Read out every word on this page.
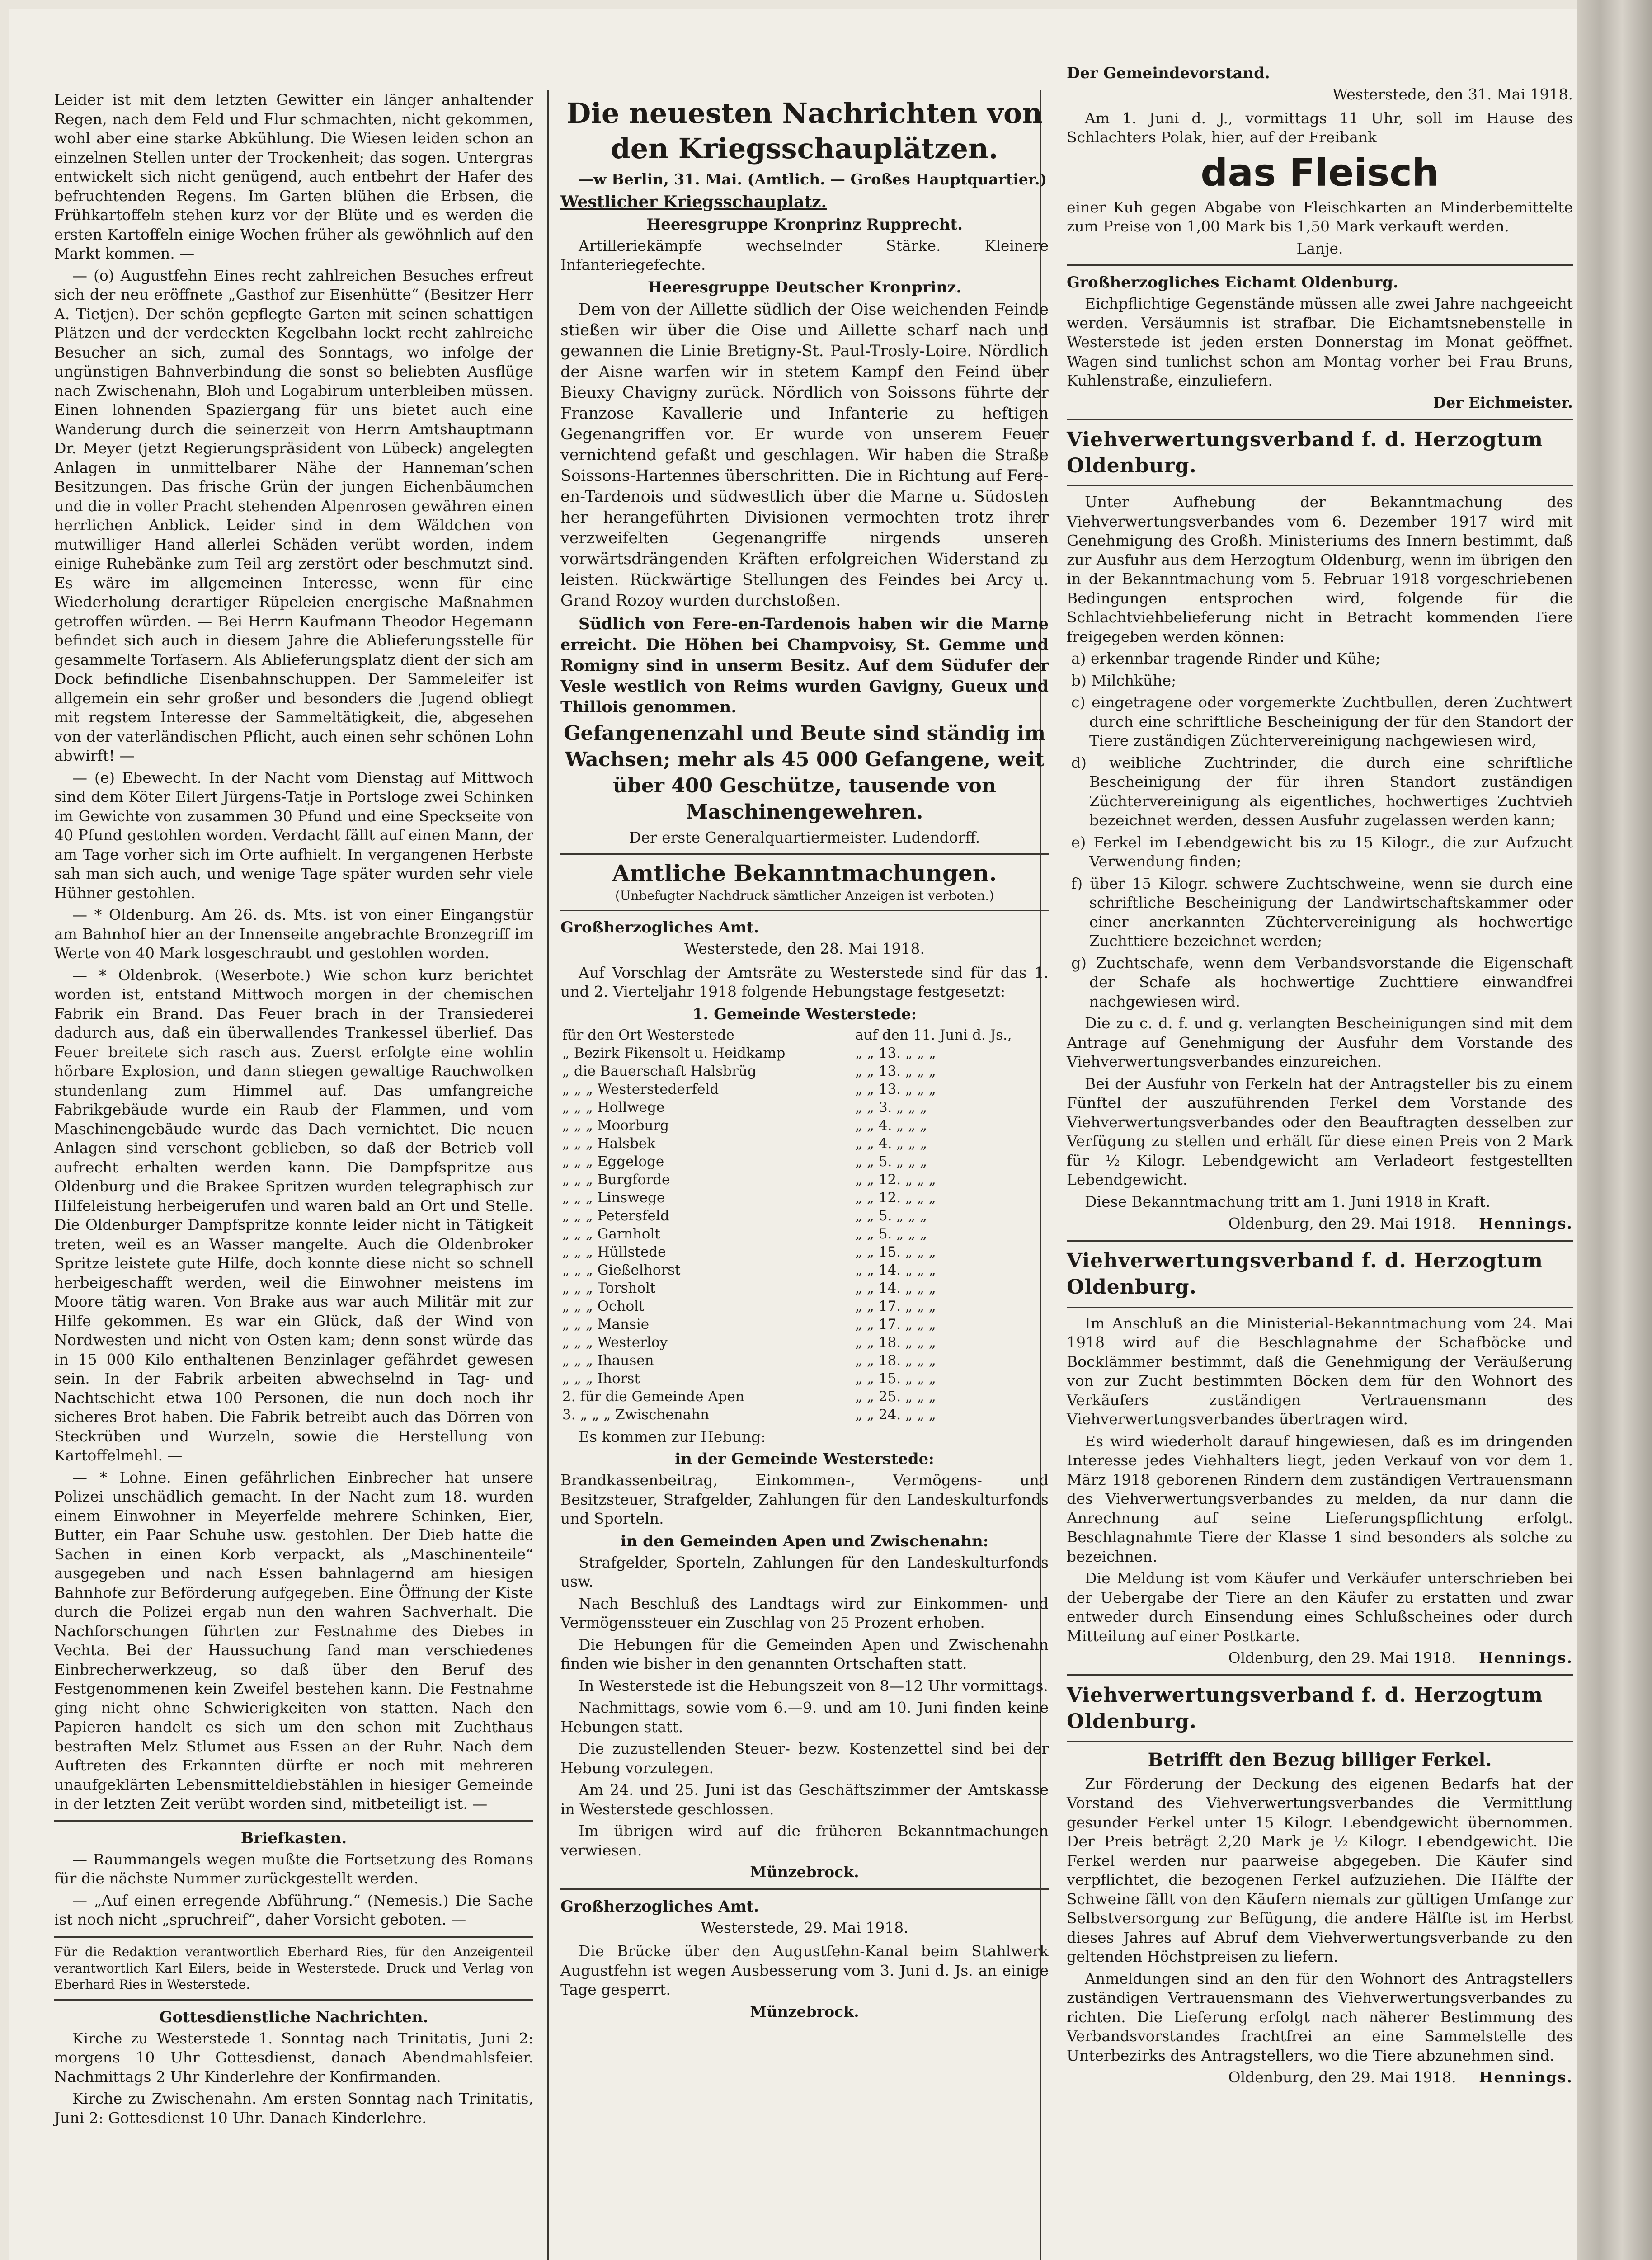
Leider ist mit dem letzten Gewitter ein länger anhaltender Regen, nach dem Feld und Flur schmachten, nicht gekommen, wohl aber eine starke Abkühlung. Die Wiesen leiden schon an einzelnen Stellen unter der Trockenheit; das sogen. Untergras entwickelt sich nicht genügend, auch entbehrt der Hafer des befruchtenden Regens. Im Garten blühen die Erbsen, die Frühkartoffeln stehen kurz vor der Blüte und es werden die ersten Kartoffeln einige Wochen früher als gewöhnlich auf den Markt kommen. —

— (o) Augustfehn Eines recht zahlreichen Besuches erfreut sich der neu eröffnete „Gasthof zur Eisenhütte“ (Besitzer Herr A. Tietjen). Der schön gepflegte Garten mit seinen schattigen Plätzen und der verdeckten Kegelbahn lockt recht zahlreiche Besucher an sich, zumal des Sonntags, wo infolge der ungünstigen Bahnverbindung die sonst so beliebten Ausflüge nach Zwischenahn, Bloh und Logabirum unterbleiben müssen. Einen lohnenden Spaziergang für uns bietet auch eine Wanderung durch die seinerzeit von Herrn Amtshauptmann Dr. Meyer (jetzt Regierungspräsident von Lübeck) angelegten Anlagen in unmittelbarer Nähe der Hanneman’schen Besitzungen. Das frische Grün der jungen Eichenbäumchen und die in voller Pracht stehenden Alpenrosen gewähren einen herrlichen Anblick. Leider sind in dem Wäldchen von mutwilliger Hand allerlei Schäden verübt worden, indem einige Ruhebänke zum Teil arg zerstört oder beschmutzt sind. Es wäre im allgemeinen Interesse, wenn für eine Wiederholung derartiger Rüpeleien energische Maßnahmen getroffen würden. — Bei Herrn Kaufmann Theodor Hegemann befindet sich auch in diesem Jahre die Ablieferungsstelle für gesammelte Torfasern. Als Ablieferungsplatz dient der sich am Dock befindliche Eisenbahnschuppen. Der Sammeleifer ist allgemein ein sehr großer und besonders die Jugend obliegt mit regstem Interesse der Sammeltätigkeit, die, abgesehen von der vaterländischen Pflicht, auch einen sehr schönen Lohn abwirft! —

— (e) Ebewecht. In der Nacht vom Dienstag auf Mittwoch sind dem Köter Eilert Jürgens-Tatje in Portsloge zwei Schinken im Gewichte von zusammen 30 Pfund und eine Speckseite von 40 Pfund gestohlen worden. Verdacht fällt auf einen Mann, der am Tage vorher sich im Orte aufhielt. In vergangenen Herbste sah man sich auch, und wenige Tage später wurden sehr viele Hühner gestohlen.

— * Oldenburg. Am 26. ds. Mts. ist von einer Eingangstür am Bahnhof hier an der Innenseite angebrachte Bronzegriff im Werte von 40 Mark losgeschraubt und gestohlen worden.

— * Oldenbrok. (Weserbote.) Wie schon kurz berichtet worden ist, entstand Mittwoch morgen in der chemischen Fabrik ein Brand. Das Feuer brach in der Transiederei dadurch aus, daß ein überwallendes Trankessel überlief. Das Feuer breitete sich rasch aus. Zuerst erfolgte eine wohlin hörbare Explosion, und dann stiegen gewaltige Rauchwolken stundenlang zum Himmel auf. Das umfangreiche Fabrikgebäude wurde ein Raub der Flammen, und vom Maschinengebäude wurde das Dach vernichtet. Die neuen Anlagen sind verschont geblieben, so daß der Betrieb voll aufrecht erhalten werden kann. Die Dampfspritze aus Oldenburg und die Brakee Spritzen wurden telegraphisch zur Hilfeleistung herbeigerufen und waren bald an Ort und Stelle. Die Oldenburger Dampfspritze konnte leider nicht in Tätigkeit treten, weil es an Wasser mangelte. Auch die Oldenbroker Spritze leistete gute Hilfe, doch konnte diese nicht so schnell herbeigeschafft werden, weil die Einwohner meistens im Moore tätig waren. Von Brake aus war auch Militär mit zur Hilfe gekommen. Es war ein Glück, daß der Wind von Nordwesten und nicht von Osten kam; denn sonst würde das in 15 000 Kilo enthaltenen Benzinlager gefährdet gewesen sein. In der Fabrik arbeiten abwechselnd in Tag- und Nachtschicht etwa 100 Personen, die nun doch noch ihr sicheres Brot haben. Die Fabrik betreibt auch das Dörren von Steckrüben und Wurzeln, sowie die Herstellung von Kartoffelmehl. —

— * Lohne. Einen gefährlichen Einbrecher hat unsere Polizei unschädlich gemacht. In der Nacht zum 18. wurden einem Einwohner in Meyerfelde mehrere Schinken, Eier, Butter, ein Paar Schuhe usw. gestohlen. Der Dieb hatte die Sachen in einen Korb verpackt, als „Maschinenteile“ ausgegeben und nach Essen bahnlagernd am hiesigen Bahnhofe zur Beförderung aufgegeben. Eine Öffnung der Kiste durch die Polizei ergab nun den wahren Sachverhalt. Die Nachforschungen führten zur Festnahme des Diebes in Vechta. Bei der Haussuchung fand man verschiedenes Einbrecherwerkzeug, so daß über den Beruf des Festgenommenen kein Zweifel bestehen kann. Die Festnahme ging nicht ohne Schwierigkeiten von statten. Nach den Papieren handelt es sich um den schon mit Zuchthaus bestraften Melz Stlumet aus Essen an der Ruhr. Nach dem Auftreten des Erkannten dürfte er noch mit mehreren unaufgeklärten Lebensmitteldiebstählen in hiesiger Gemeinde in der letzten Zeit verübt worden sind, mitbeteiligt ist. —

Briefkasten.

— Raummangels wegen mußte die Fortsetzung des Romans für die nächste Nummer zurückgestellt werden.

— „Auf einen erregende Abführung.“ (Nemesis.) Die Sache ist noch nicht „spruchreif“, daher Vorsicht geboten. —

Für die Redaktion verantwortlich Eberhard Ries, für den Anzeigenteil verantwortlich Karl Eilers, beide in Westerstede. Druck und Verlag von Eberhard Ries in Westerstede.

Gottesdienstliche Nachrichten.

Kirche zu Westerstede 1. Sonntag nach Trinitatis, Juni 2: morgens 10 Uhr Gottesdienst, danach Abendmahlsfeier. Nachmittags 2 Uhr Kinderlehre der Konfirmanden.

Kirche zu Zwischenahn. Am ersten Sonntag nach Trinitatis, Juni 2: Gottesdienst 10 Uhr. Danach Kinderlehre.

Die neuesten Nachrichten von den Kriegsschauplätzen.

—w Berlin, 31. Mai. (Amtlich. — Großes Hauptquartier.)

Westlicher Kriegsschauplatz.
Heeresgruppe Kronprinz Rupprecht.

Artilleriekämpfe wechselnder Stärke. Kleinere Infanteriegefechte.

Heeresgruppe Deutscher Kronprinz.

Dem von der Aillette südlich der Oise weichenden Feinde stießen wir über die Oise und Aillette scharf nach und gewannen die Linie Bretigny-St. Paul-Trosly-Loire. Nördlich der Aisne warfen wir in stetem Kampf den Feind über Bieuxy Chavigny zurück. Nördlich von Soissons führte der Franzose Kavallerie und Infanterie zu heftigen Gegenangriffen vor. Er wurde von unserem Feuer vernichtend gefaßt und geschlagen. Wir haben die Straße Soissons-Hartennes überschritten. Die in Richtung auf Fere-en-Tardenois und südwestlich über die Marne u. Südosten her herangeführten Divisionen vermochten trotz ihrer verzweifelten Gegenangriffe nirgends unseren vorwärtsdrängenden Kräften erfolgreichen Widerstand zu leisten. Rückwärtige Stellungen des Feindes bei Arcy u. Grand Rozoy wurden durchstoßen.

Südlich von Fere-en-Tardenois haben wir die Marne erreicht. Die Höhen bei Champvoisy, St. Gemme und Romigny sind in unserm Besitz. Auf dem Südufer der Vesle westlich von Reims wurden Gavigny, Gueux und Thillois genommen.

Gefangenenzahl und Beute sind ständig im Wachsen; mehr als 45 000 Gefangene, weit über 400 Geschütze, tausende von Maschinengewehren.
Der erste Generalquartiermeister. Ludendorff.
Amtliche Bekanntmachungen.

(Unbefugter Nachdruck sämtlicher Anzeigen ist verboten.)

Großherzogliches Amt.
Westerstede, den 28. Mai 1918.

Auf Vorschlag der Amtsräte zu Westerstede sind für das 1. und 2. Vierteljahr 1918 folgende Hebungstage festgesetzt:

1. Gemeinde Westerstede:
für den Ort Westerstede	auf den 11. Juni d. Js.,
„ Bezirk Fikensolt u. Heidkamp	„ „ 13. „ „ „
„ die Bauerschaft Halsbrüg	„ „ 13. „ „ „
„ „ „ Westerstederfeld	„ „ 13. „ „ „
„ „ „ Hollwege	„ „ 3. „ „ „
„ „ „ Moorburg	„ „ 4. „ „ „
„ „ „ Halsbek	„ „ 4. „ „ „
„ „ „ Eggeloge	„ „ 5. „ „ „
„ „ „ Burgforde	„ „ 12. „ „ „
„ „ „ Linswege	„ „ 12. „ „ „
„ „ „ Petersfeld	„ „ 5. „ „ „
„ „ „ Garnholt	„ „ 5. „ „ „
„ „ „ Hüllstede	„ „ 15. „ „ „
„ „ „ Gießelhorst	„ „ 14. „ „ „
„ „ „ Torsholt	„ „ 14. „ „ „
„ „ „ Ocholt	„ „ 17. „ „ „
„ „ „ Mansie	„ „ 17. „ „ „
„ „ „ Westerloy	„ „ 18. „ „ „
„ „ „ Ihausen	„ „ 18. „ „ „
„ „ „ Ihorst	„ „ 15. „ „ „
2. für die Gemeinde Apen	„ „ 25. „ „ „
3. „ „ „ Zwischenahn	„ „ 24. „ „ „

Es kommen zur Hebung:

in der Gemeinde Westerstede:

Brandkassenbeitrag, Einkommen-, Vermögens- und Besitzsteuer, Strafgelder, Zahlungen für den Landeskulturfonds und Sporteln.

in den Gemeinden Apen und Zwischenahn:

Strafgelder, Sporteln, Zahlungen für den Landeskulturfonds usw.

Nach Beschluß des Landtags wird zur Einkommen- und Vermögenssteuer ein Zuschlag von 25 Prozent erhoben.

Die Hebungen für die Gemeinden Apen und Zwischenahn finden wie bisher in den genannten Ortschaften statt.

In Westerstede ist die Hebungszeit von 8—12 Uhr vormittags.

Nachmittags, sowie vom 6.—9. und am 10. Juni finden keine Hebungen statt.

Die zuzustellenden Steuer- bezw. Kostenzettel sind bei der Hebung vorzulegen.

Am 24. und 25. Juni ist das Geschäftszimmer der Amtskasse in Westerstede geschlossen.

Im übrigen wird auf die früheren Bekanntmachungen verwiesen.

Münzebrock.
Großherzogliches Amt.
Westerstede, 29. Mai 1918.

Die Brücke über den Augustfehn-Kanal beim Stahlwerk Augustfehn ist wegen Ausbesserung vom 3. Juni d. Js. an einige Tage gesperrt.

Münzebrock.
Der Gemeindevorstand.
Westerstede, den 31. Mai 1918.

Am 1. Juni d. J., vormittags 11 Uhr, soll im Hause des Schlachters Polak, hier, auf der Freibank

das Fleisch

einer Kuh gegen Abgabe von Fleischkarten an Minderbemittelte zum Preise von 1,00 Mark bis 1,50 Mark verkauft werden.

Lanje.
Großherzogliches Eichamt Oldenburg.

Eichpflichtige Gegenstände müssen alle zwei Jahre nachgeeicht werden. Versäumnis ist strafbar. Die Eichamtsnebenstelle in Westerstede ist jeden ersten Donnerstag im Monat geöffnet. Wagen sind tunlichst schon am Montag vorher bei Frau Bruns, Kuhlenstraße, einzuliefern.

Der Eichmeister.
Viehverwertungsverband f. d. Herzogtum Oldenburg.

Unter Aufhebung der Bekanntmachung des Viehverwertungsverbandes vom 6. Dezember 1917 wird mit Genehmigung des Großh. Ministeriums des Innern bestimmt, daß zur Ausfuhr aus dem Herzogtum Oldenburg, wenn im übrigen den in der Bekanntmachung vom 5. Februar 1918 vorgeschriebenen Bedingungen entsprochen wird, folgende für die Schlachtviehbelieferung nicht in Betracht kommenden Tiere freigegeben werden können:

a) erkennbar tragende Rinder und Kühe;

b) Milchkühe;

c) eingetragene oder vorgemerkte Zuchtbullen, deren Zuchtwert durch eine schriftliche Bescheinigung der für den Standort der Tiere zuständigen Züchtervereinigung nachgewiesen wird,

d) weibliche Zuchtrinder, die durch eine schriftliche Bescheinigung der für ihren Standort zuständigen Züchtervereinigung als eigentliches, hochwertiges Zuchtvieh bezeichnet werden, dessen Ausfuhr zugelassen werden kann;

e) Ferkel im Lebendgewicht bis zu 15 Kilogr., die zur Aufzucht Verwendung finden;

f) über 15 Kilogr. schwere Zuchtschweine, wenn sie durch eine schriftliche Bescheinigung der Landwirtschaftskammer oder einer anerkannten Züchtervereinigung als hochwertige Zuchttiere bezeichnet werden;

g) Zuchtschafe, wenn dem Verbandsvorstande die Eigenschaft der Schafe als hochwertige Zuchttiere einwandfrei nachgewiesen wird.

Die zu c. d. f. und g. verlangten Bescheinigungen sind mit dem Antrage auf Genehmigung der Ausfuhr dem Vorstande des Viehverwertungsverbandes einzureichen.

Bei der Ausfuhr von Ferkeln hat der Antragsteller bis zu einem Fünftel der auszuführenden Ferkel dem Vorstande des Viehverwertungsverbandes oder den Beauftragten desselben zur Verfügung zu stellen und erhält für diese einen Preis von 2 Mark für ½ Kilogr. Lebendgewicht am Verladeort festgestellten Lebendgewicht.

Diese Bekanntmachung tritt am 1. Juni 1918 in Kraft.

Oldenburg, den 29. Mai 1918. Hennings.
Viehverwertungsverband f. d. Herzogtum Oldenburg.

Im Anschluß an die Ministerial-Bekanntmachung vom 24. Mai 1918 wird auf die Beschlagnahme der Schafböcke und Bocklämmer bestimmt, daß die Genehmigung der Veräußerung von zur Zucht bestimmten Böcken dem für den Wohnort des Verkäufers zuständigen Vertrauensmann des Viehverwertungsverbandes übertragen wird.

Es wird wiederholt darauf hingewiesen, daß es im dringenden Interesse jedes Viehhalters liegt, jeden Verkauf von vor dem 1. März 1918 geborenen Rindern dem zuständigen Vertrauensmann des Viehverwertungsverbandes zu melden, da nur dann die Anrechnung auf seine Lieferungspflichtung erfolgt. Beschlagnahmte Tiere der Klasse 1 sind besonders als solche zu bezeichnen.

Die Meldung ist vom Käufer und Verkäufer unterschrieben bei der Uebergabe der Tiere an den Käufer zu erstatten und zwar entweder durch Einsendung eines Schlußscheines oder durch Mitteilung auf einer Postkarte.

Oldenburg, den 29. Mai 1918. Hennings.
Viehverwertungsverband f. d. Herzogtum Oldenburg.
Betrifft den Bezug billiger Ferkel.

Zur Förderung der Deckung des eigenen Bedarfs hat der Vorstand des Viehverwertungsverbandes die Vermittlung gesunder Ferkel unter 15 Kilogr. Lebendgewicht übernommen. Der Preis beträgt 2,20 Mark je ½ Kilogr. Lebendgewicht. Die Ferkel werden nur paarweise abgegeben. Die Käufer sind verpflichtet, die bezogenen Ferkel aufzuziehen. Die Hälfte der Schweine fällt von den Käufern niemals zur gültigen Umfange zur Selbstversorgung zur Befügung, die andere Hälfte ist im Herbst dieses Jahres auf Abruf dem Viehverwertungsverbande zu den geltenden Höchstpreisen zu liefern.

Anmeldungen sind an den für den Wohnort des Antragstellers zuständigen Vertrauensmann des Viehverwertungsverbandes zu richten. Die Lieferung erfolgt nach näherer Bestimmung des Verbandsvorstandes frachtfrei an eine Sammelstelle des Unterbezirks des Antragstellers, wo die Tiere abzunehmen sind.

Oldenburg, den 29. Mai 1918. Hennings.
